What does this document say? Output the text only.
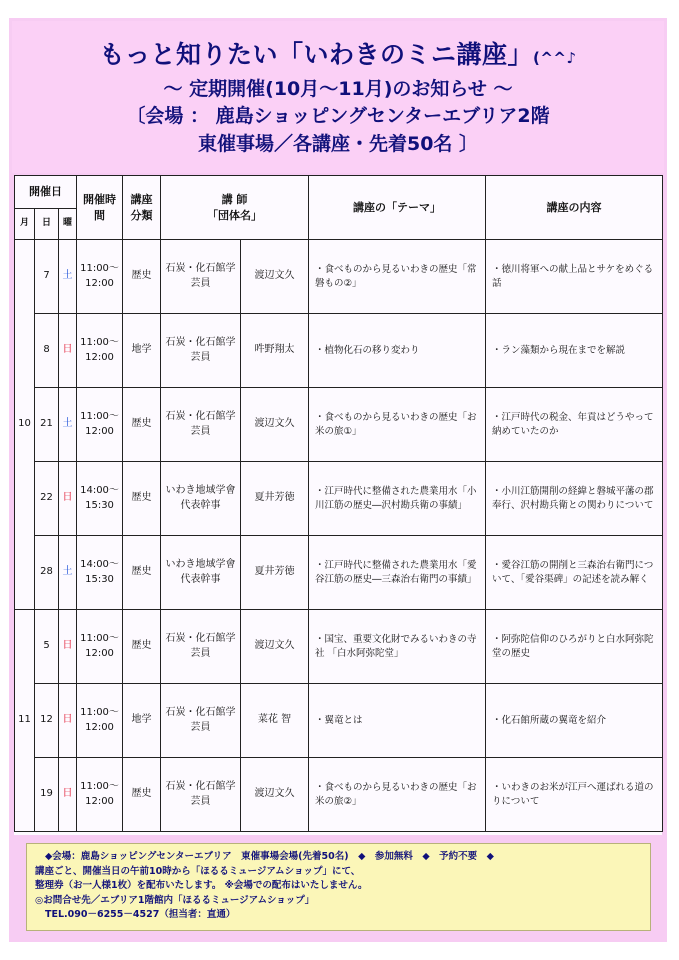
もっと知りたい「いわきのミニ講座」(^^♪
～ 定期開催(10月～11月)のお知らせ ～
〔会場 ： 鹿島ショッピングセンターエブリア2階
東催事場／各講座・先着50名 〕
開催日			開催時間	講座分類	講 師
「団体名」		講座の「テーマ」	講座の内容
月	日	曜						
10	7	土	11:00～12:00	歴史	石炭・化石館学芸員	渡辺文久	・食べものから見るいわきの歴史「常磐もの②」	・徳川将軍への献上品とサケをめぐる話
	8	日	11:00～12:00	地学	石炭・化石館学芸員	吽野翔太	・植物化石の移り変わり	・ラン藻類から現在までを解説
	21	土	11:00～12:00	歴史	石炭・化石館学芸員	渡辺文久	・食べものから見るいわきの歴史「お米の旅①」	・江戸時代の税金、年貢はどうやって納めていたのか
	22	日	14:00～15:30	歴史	いわき地域学會代表幹事	夏井芳徳	・江戸時代に整備された農業用水「小川江筋の歴史―沢村勘兵衛の事績」	・小川江筋開削の経緯と磐城平藩の郡奉行、沢村勘兵衛との関わりについて
	28	土	14:00～15:30	歴史	いわき地域学會代表幹事	夏井芳徳	・江戸時代に整備された農業用水「愛谷江筋の歴史―三森治右衛門の事績」	・愛谷江筋の開削と三森治右衛門について、「愛谷渠碑」の記述を読み解く
11	5	日	11:00～12:00	歴史	石炭・化石館学芸員	渡辺文久	・国宝、重要文化財でみるいわきの寺社 「白水阿弥陀堂」	・阿弥陀信仰のひろがりと白水阿弥陀堂の歴史
	12	日	11:00～12:00	地学	石炭・化石館学芸員	菜花 智	・翼竜とは	・化石館所蔵の翼竜を紹介
	19	日	11:00～12:00	歴史	石炭・化石館学芸員	渡辺文久	・食べものから見るいわきの歴史「お米の旅②」	・いわきのお米が江戸へ運ばれる道のりについて
◆会場：鹿島ショッピングセンターエブリア　東催事場会場(先着50名)　◆　参加無料　◆　予約不要　◆
講座ごと、開催当日の午前10時から「ほるるミュージアムショップ」にて、
整理券（お一人様1枚）を配布いたします。 ※会場での配布はいたしません。
◎お問合せ先／エブリア1階館内「ほるるミュージアムショップ」
TEL.090－6255－4527（担当者：直通）
